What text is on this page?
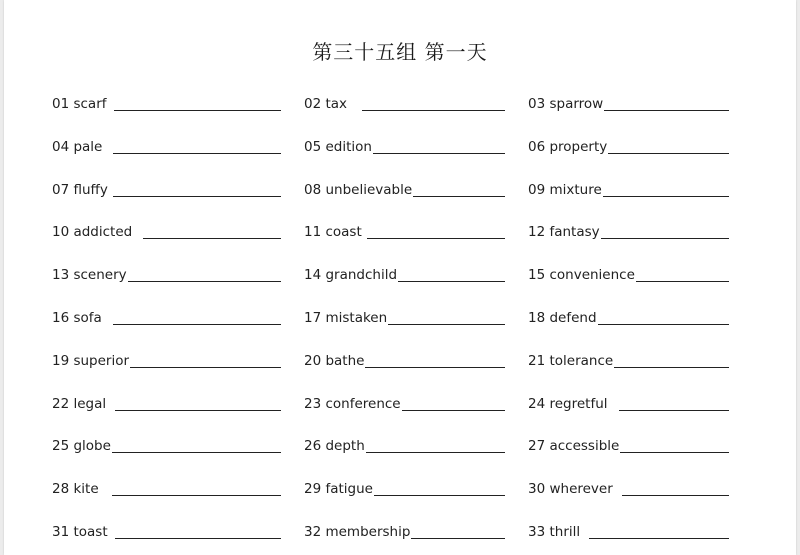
第三十五组 第一天
01 scarf	02 tax	03 sparrow
04 pale	05 edition	06 property
07 fluffy	08 unbelievable	09 mixture
10 addicted	11 coast	12 fantasy
13 scenery	14 grandchild	15 convenience
16 sofa	17 mistaken	18 defend
19 superior	20 bathe	21 tolerance
22 legal	23 conference	24 regretful
25 globe	26 depth	27 accessible
28 kite	29 fatigue	30 wherever
31 toast	32 membership	33 thrill
